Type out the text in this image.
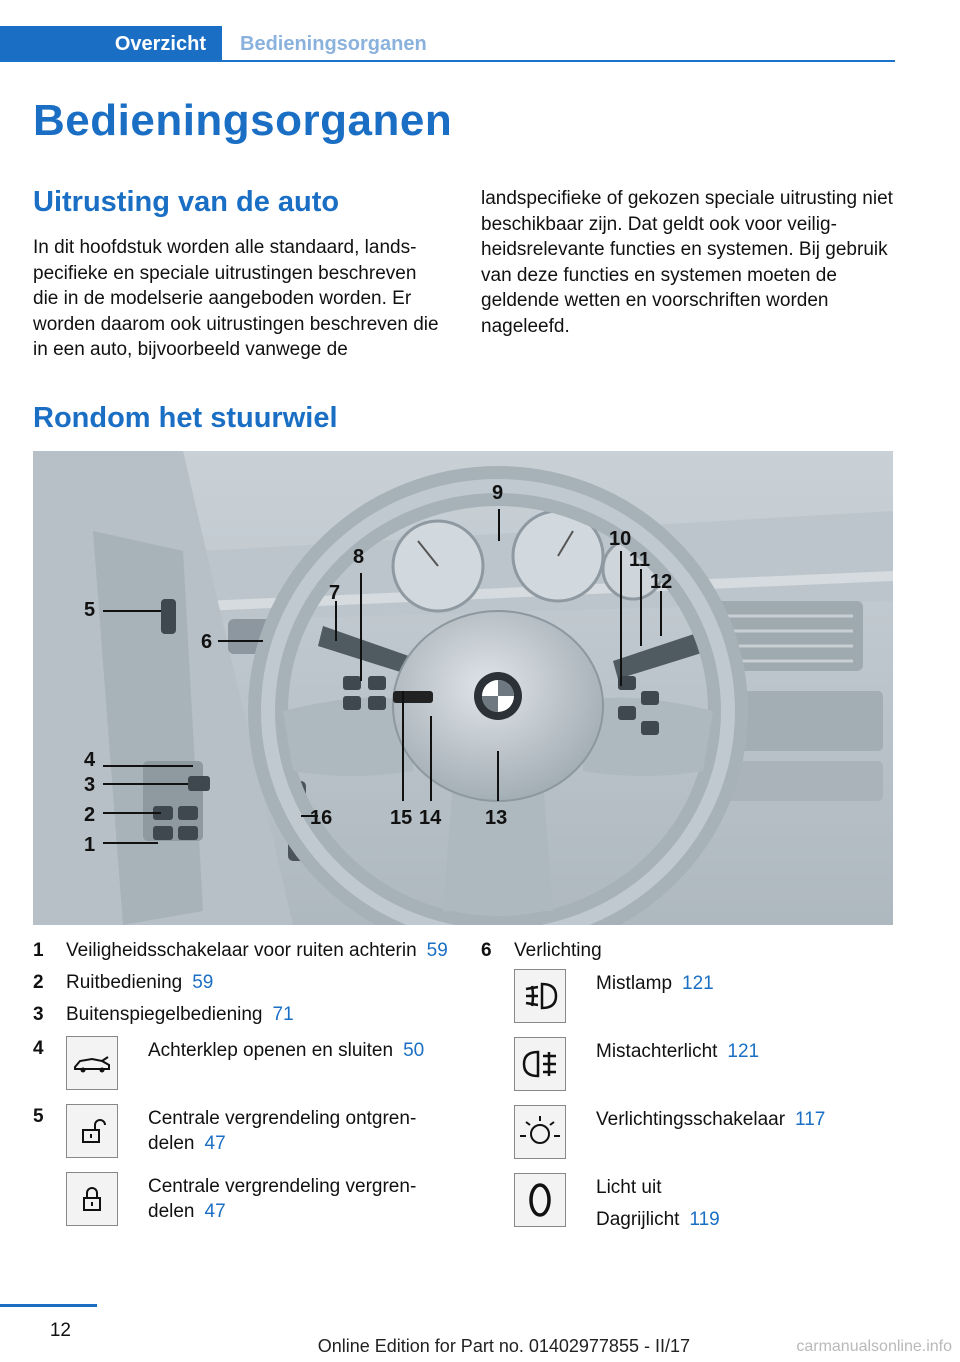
Overzicht	Bedieningsorganen
Bedieningsorganen
Uitrusting van de auto

In dit hoofdstuk worden alle standaard, landspecifieke en speciale uitrustingen beschreven die in de modelserie aangeboden worden. Er worden daarom ook uitrustingen beschreven die in een auto, bijvoorbeeld vanwege de

landspecifieke of gekozen speciale uitrusting niet beschikbaar zijn. Dat geldt ook voor veiligheidsrelevante functies en systemen. Bij gebruik van deze functies en systemen moeten de geldende wetten en voorschriften worden nageleefd.

Rondom het stuurwiel
1
2
3
4
5
6
7
8
9
10
11
12
13
14
15
16
1 Veiligheidsschakelaar voor ruiten achterin 59
2 Ruitbediening 59
3 Buitenspiegelbediening 71
4	Achterklep openen en sluiten 50
5	Centrale vergrendeling ontgrendelen 47
Centrale vergrendeling vergrendelen 47
6 Verlichting
Mistlamp 121
Mistachterlicht 121
Verlichtingsschakelaar 117
Licht uit
Dagrijlicht 119
12
Online Edition for Part no. 01402977855 - II/17	carmanualsonline.info
